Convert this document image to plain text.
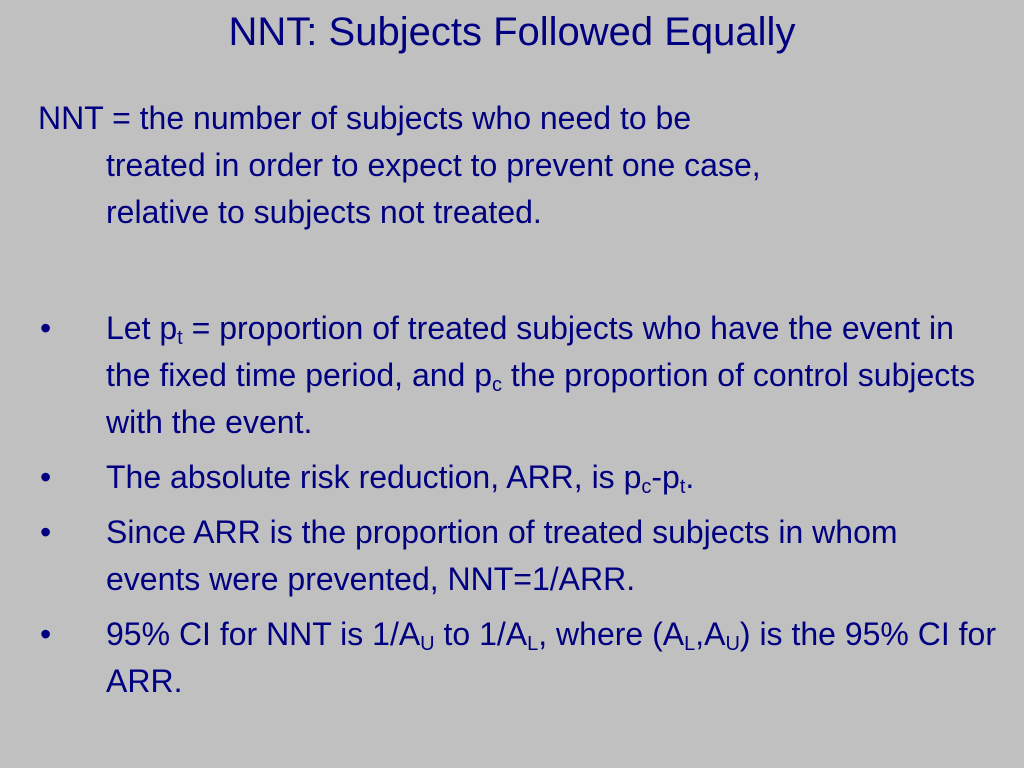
NNT: Subjects Followed Equally
NNT = the number of subjects who need to be
treated in order to expect to prevent one case,
relative to subjects not treated.
• Let $p_t$ = proportion of treated subjects who have the event in the fixed time period, and $p_c$ the proportion of control subjects with the event.
• The absolute risk reduction, ARR, is $p_c-p_t$.
• Since ARR is the proportion of treated subjects in whom events were prevented, NNT=1/ARR.
• 95% CI for NNT is $1/A_U$ to $1/A_L$, where $(A_L,A_U)$ is the 95% CI for ARR.
